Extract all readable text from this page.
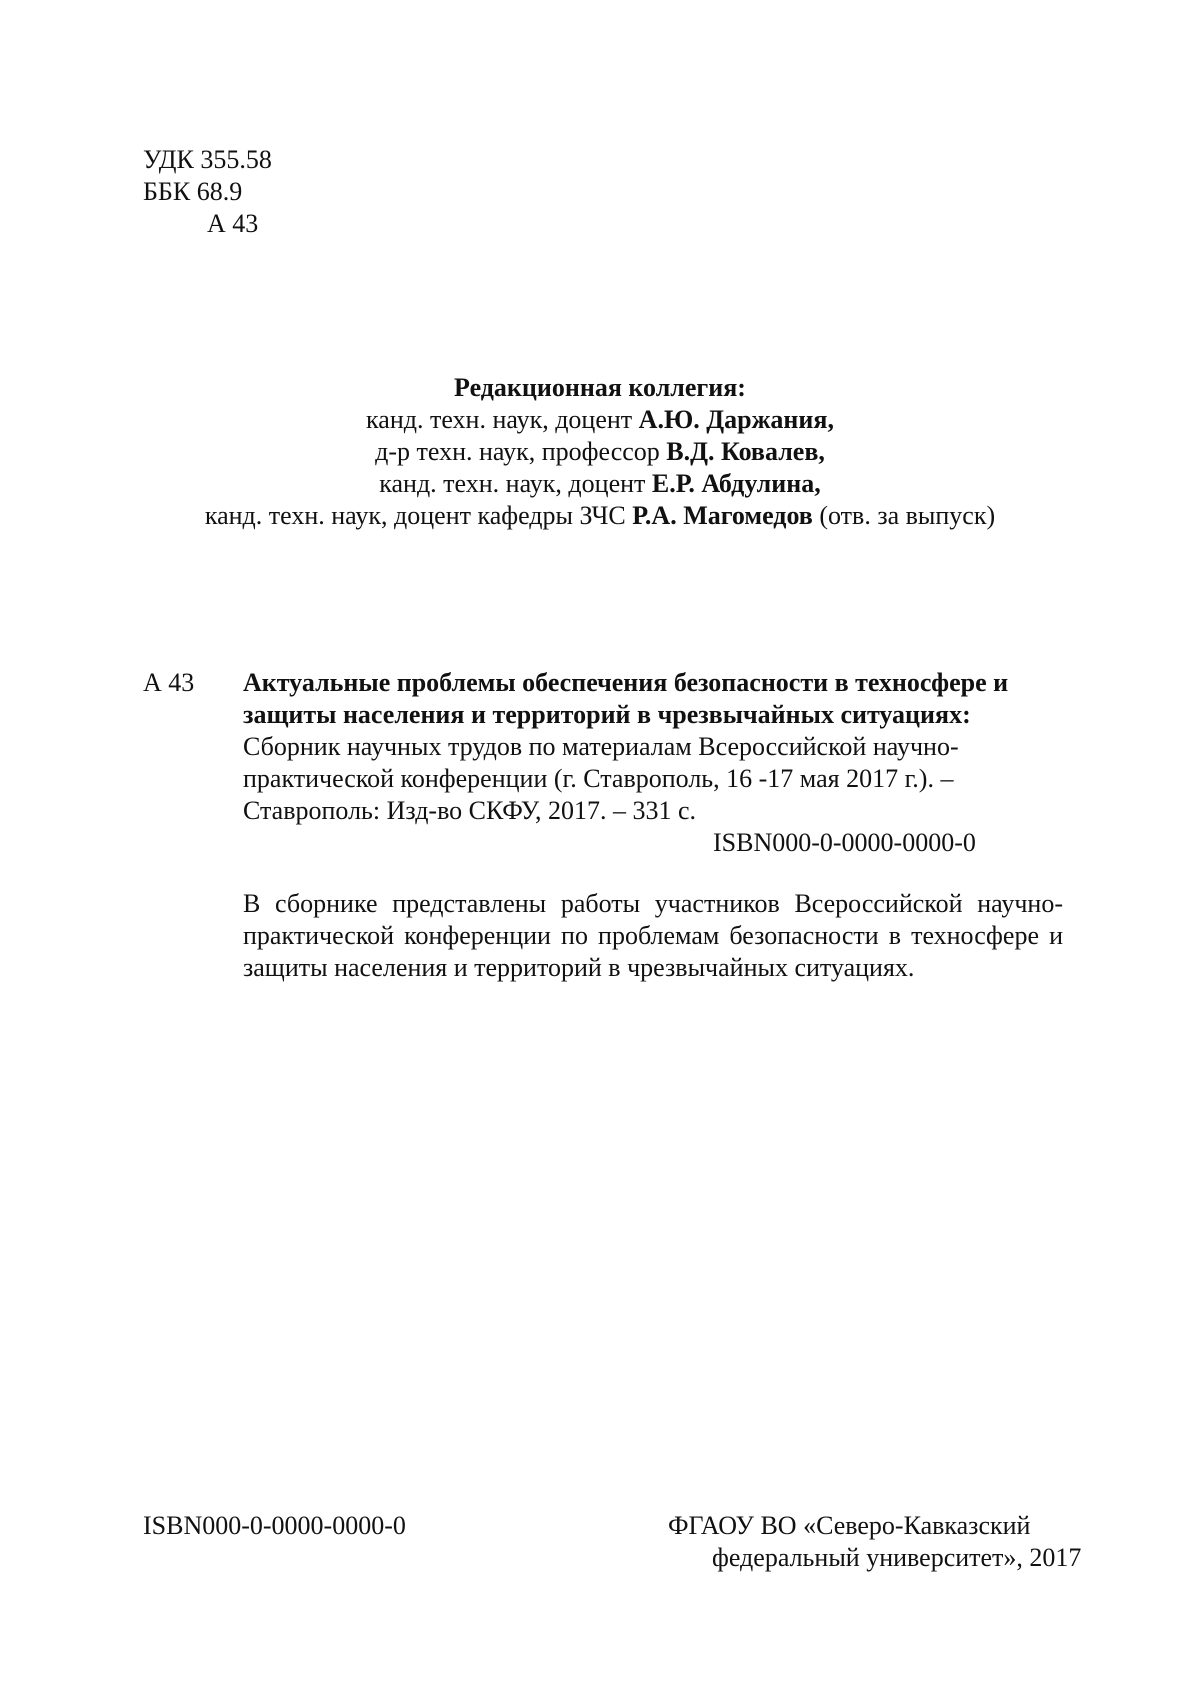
УДК 355.58
ББК 68.9
А 43
Редакционная коллегия:
канд. техн. наук, доцент А.Ю. Даржания,
д-р техн. наук, профессор В.Д. Ковалев,
канд. техн. наук, доцент Е.Р. Абдулина,
канд. техн. наук, доцент кафедры ЗЧС Р.А. Магомедов (отв. за выпуск)
А 43 Актуальные проблемы обеспечения безопасности в техносфере и
защиты населения и территорий в чрезвычайных ситуациях:
Сборник научных трудов по материалам Всероссийской научно-
практической конференции (г. Ставрополь, 16 -17 мая 2017 г.). –
Ставрополь: Изд-во СКФУ, 2017. – 331 с.
ISBN000-0-0000-0000-0
В сборнике представлены работы участников Всероссийской научно-практической конференции по проблемам безопасности в техносфере и защиты населения и территорий в чрезвычайных ситуациях.
ISBN000-0-0000-0000-0	ФГАОУ ВО «Северо-Кавказский
федеральный университет», 2017
